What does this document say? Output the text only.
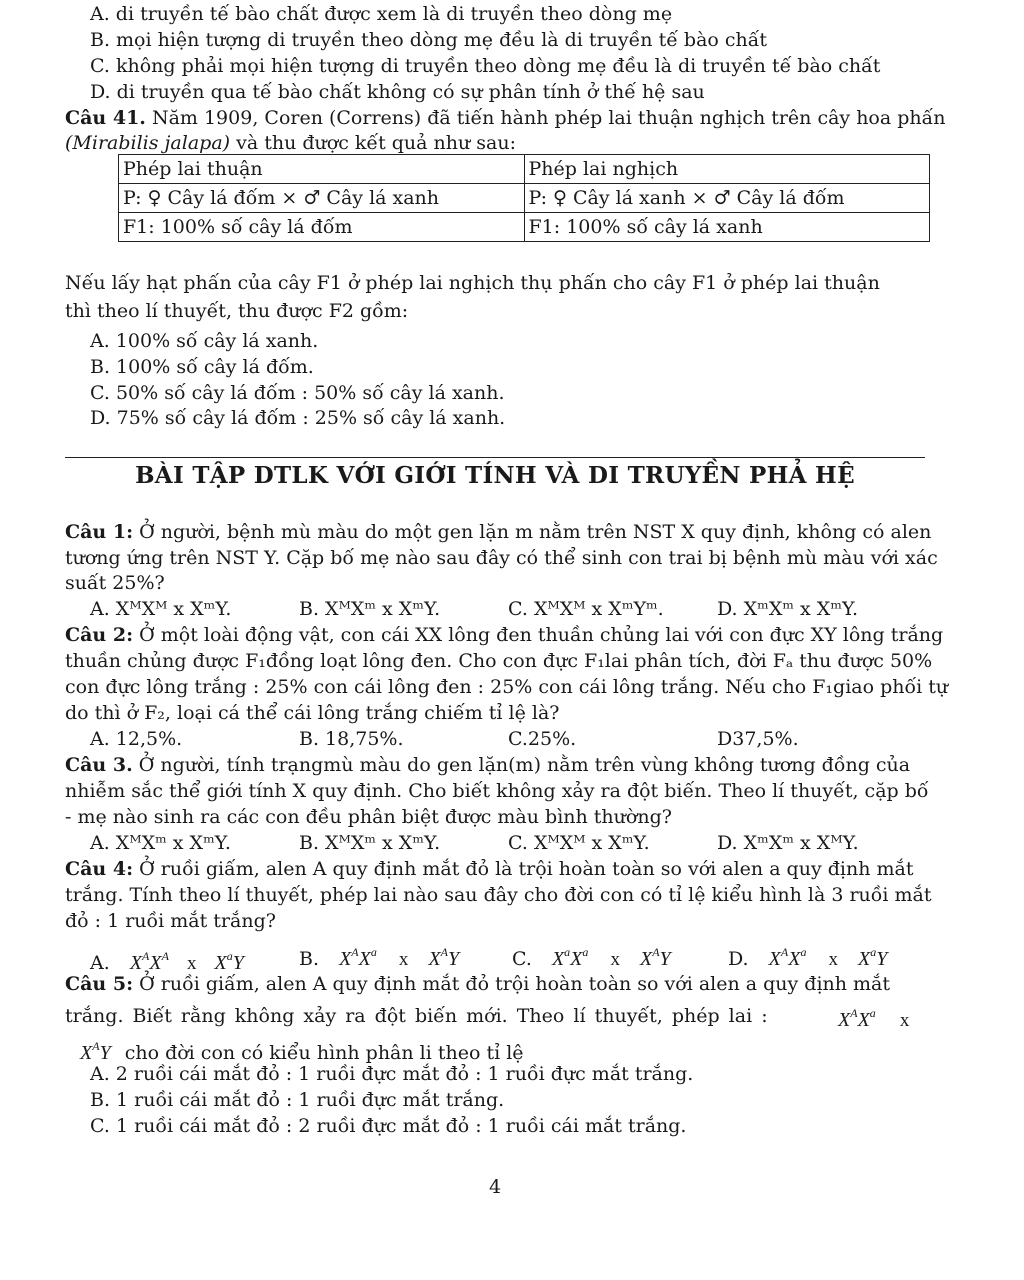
A. di truyền tế bào chất được xem là di truyền theo dòng mẹ
B. mọi hiện tượng di truyền theo dòng mẹ đều là di truyền tế bào chất
C. không phải mọi hiện tượng di truyền theo dòng mẹ đều là di truyền tế bào chất
D. di truyền qua tế bào chất không có sự phân tính ở thế hệ sau
Câu 41. Năm 1909, Coren (Correns) đã tiến hành phép lai thuận nghịch trên cây hoa phấn
(Mirabilis jalapa) và thu được kết quả như sau:
Phép lai thuận	Phép lai nghịch
P: ♀ Cây lá đốm × ♂ Cây lá xanh	P: ♀ Cây lá xanh × ♂ Cây lá đốm
F1: 100% số cây lá đốm	F1: 100% số cây lá xanh
Nếu lấy hạt phấn của cây F1 ở phép lai nghịch thụ phấn cho cây F1 ở phép lai thuận
thì theo lí thuyết, thu được F2 gồm:
A. 100% số cây lá xanh.
B. 100% số cây lá đốm.
C. 50% số cây lá đốm : 50% số cây lá xanh.
D. 75% số cây lá đốm : 25% số cây lá xanh.
BÀI TẬP DTLK VỚI GIỚI TÍNH VÀ DI TRUYỀN PHẢ HỆ
Câu 1: Ở người, bệnh mù màu do một gen lặn m nằm trên NST X quy định, không có alen
tương ứng trên NST Y. Cặp bố mẹ nào sau đây có thể sinh con trai bị bệnh mù màu với xác
suất 25%?
A. XᴹXᴹ x XᵐY.	B. XᴹXᵐ x XᵐY.	C. XᴹXᴹ x XᵐYᵐ.	D. XᵐXᵐ x XᵐY.
Câu 2: Ở một loài động vật, con cái XX lông đen thuần chủng lai với con đực XY lông trắng
thuần chủng được F₁đồng loạt lông đen. Cho con đực F₁lai phân tích, đời Fₐ thu được 50%
con đực lông trắng : 25% con cái lông đen : 25% con cái lông trắng. Nếu cho F₁giao phối tự
do thì ở F₂, loại cá thể cái lông trắng chiếm tỉ lệ là?
A. 12,5%.	B. 18,75%.	C.25%.	D37,5%.
Câu 3. Ở người, tính trạngmù màu do gen lặn(m) nằm trên vùng không tương đồng của
nhiễm sắc thể giới tính X quy định. Cho biết không xảy ra đột biến. Theo lí thuyết, cặp bố
- mẹ nào sinh ra các con đều phân biệt được màu bình thường?
A. XᴹXᵐ x XᵐY.	B. XᴹXᵐ x XᵐY.	C. XᴹXᴹ x XᵐY.	D. XᵐXᵐ x XᴹY.
Câu 4: Ở ruồi giấm, alen A quy định mắt đỏ là trội hoàn toàn so với alen a quy định mắt
trắng. Tính theo lí thuyết, phép lai nào sau đây cho đời con có tỉ lệ kiểu hình là 3 ruồi mắt
đỏ : 1 ruồi mắt trắng?
A. $X^AX^A$ x $X^aY$	B. $X^AX^a$ x $X^AY$	C. $X^aX^a$ x $X^AY$	D. $X^AX^a$ x $X^aY$
Câu 5: Ở ruồi giấm, alen A quy định mắt đỏ trội hoàn toàn so với alen a quy định mắt
trắng. Biết rằng không xảy ra đột biến mới. Theo lí thuyết, phép lai :	$X^AX^a$ x
$X^AY$ cho đời con có kiểu hình phân li theo tỉ lệ
A. 2 ruồi cái mắt đỏ : 1 ruồi đực mắt đỏ : 1 ruồi đực mắt trắng.
B. 1 ruồi cái mắt đỏ : 1 ruồi đực mắt trắng.
C. 1 ruồi cái mắt đỏ : 2 ruồi đực mắt đỏ : 1 ruồi cái mắt trắng.
4
